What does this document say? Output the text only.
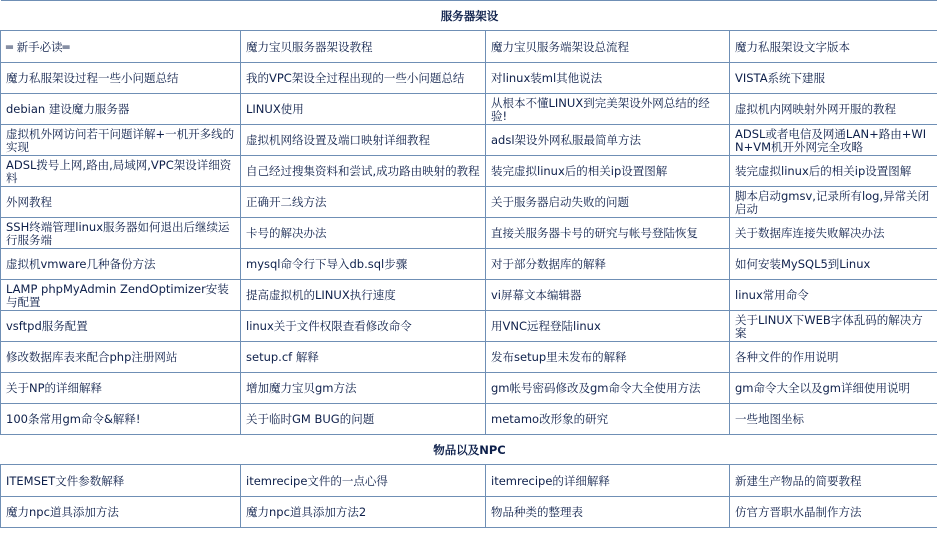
服务器架设			
═ 新手必读═	魔力宝贝服务器架设教程	魔力宝贝服务端架设总流程	魔力私服架设文字版本
魔力私服架设过程一些小问题总结	我的VPC架设全过程出现的一些小问题总结	对linux装ml其他说法	VISTA系统下建服
debian 建设魔力服务器	LINUX使用	从根本不懂LINUX到完美架设外网总结的经验!	虚拟机内网映射外网开服的教程
虚拟机外网访问若干问题详解+一机开多线的实现	虚拟机网络设置及端口映射详细教程	adsl架设外网私服最简单方法	ADSL或者电信及网通LAN+路由+WIN+VM机开外网完全攻略
ADSL拨号上网,路由,局域网,VPC架设详细资料	自己经过搜集资料和尝试,成功路由映射的教程	装完虚拟linux后的相关ip设置图解	装完虚拟linux后的相关ip设置图解
外网教程	正确开二线方法	关于服务器启动失败的问题	脚本启动gmsv,记录所有log,异常关闭启动
SSH终端管理linux服务器如何退出后继续运行服务端	卡号的解决办法	直接关服务器卡号的研究与帐号登陆恢复	关于数据库连接失败解决办法
虚拟机vmware几种备份方法	mysql命令行下导入db.sql步骤	对于部分数据库的解释	如何安装MySQL5到Linux
LAMP phpMyAdmin ZendOptimizer安装与配置	提高虚拟机的LINUX执行速度	vi屏幕文本编辑器	linux常用命令
vsftpd服务配置	linux关于文件权限查看修改命令	用VNC远程登陆linux	关于LINUX下WEB字体乱码的解决方案
修改数据库表来配合php注册网站	setup.cf 解释	发布setup里未发布的解释	各种文件的作用说明
关于NP的详细解释	增加魔力宝贝gm方法	gm帐号密码修改及gm命令大全使用方法	gm命令大全以及gm详细使用说明
100条常用gm命令&解释!	关于临时GM BUG的问题	metamo改形象的研究	一些地图坐标
物品以及NPC			
ITEMSET文件参数解释	itemrecipe文件的一点心得	itemrecipe的详细解释	新建生产物品的简要教程
魔力npc道具添加方法	魔力npc道具添加方法2	物品种类的整理表	仿官方晋职水晶制作方法
